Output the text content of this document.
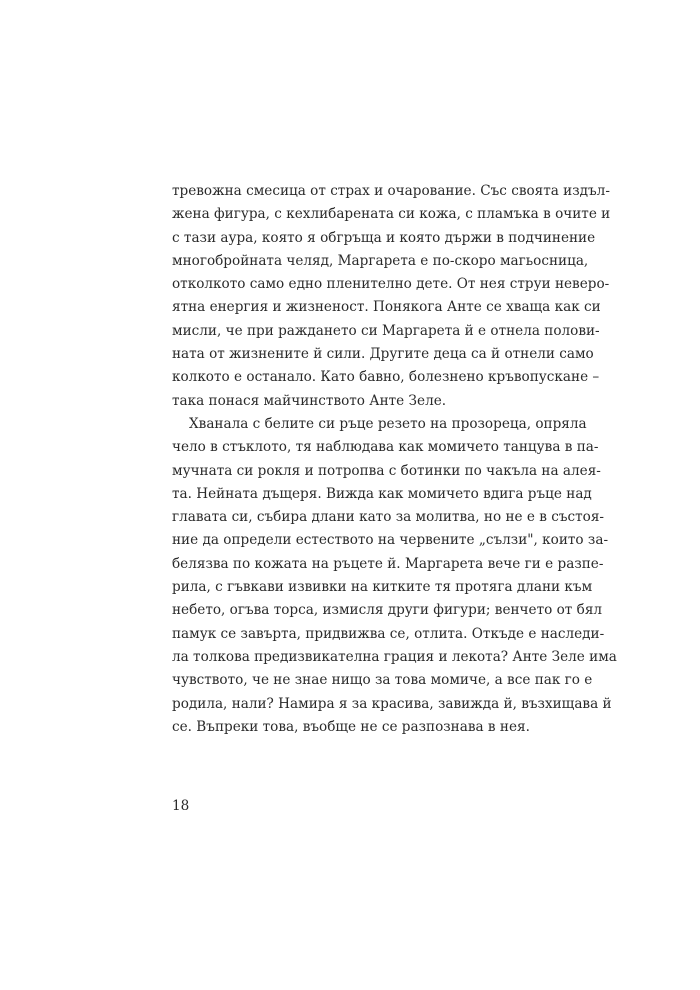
тревожна смесица от страх и очарование. Със своята издъл-
жена фигура, с кехлибарената си кожа, с пламъка в очите и
с тази аура, която я обгръща и която държи в подчинение
многобройната челяд, Маргарета е по-скоро магьосница,
отколкото само едно пленително дете. От нея струи неверо-
ятна енергия и жизненост. Понякога Анте се хваща как си
мисли, че при раждането си Маргарета й е отнела полови-
ната от жизнените й сили. Другите деца са й отнели само
колкото е останало. Като бавно, болезнено кръвопускане –
така понася майчинството Анте Зеле.
Хванала с белите си ръце резето на прозореца, опряла
чело в стъклото, тя наблюдава как момичето танцува в па-
мучната си рокля и потропва с ботинки по чакъла на алея-
та. Нейната дъщеря. Вижда как момичето вдига ръце над
главата си, събира длани като за молитва, но не е в състоя-
ние да определи естеството на червените „сълзи", които за-
белязва по кожата на ръцете й. Маргарета вече ги е разпе-
рила, с гъвкави извивки на китките тя протяга длани към
небето, огъва торса, измисля други фигури; венчето от бял
памук се завърта, придвижва се, отлита. Откъде е наследи-
ла толкова предизвикателна грация и лекота? Анте Зеле има
чувството, че не знае нищо за това момиче, а все пак го е
родила, нали? Намира я за красива, завижда й, възхищава й
се. Въпреки това, въобще не се разпознава в нея.
18
